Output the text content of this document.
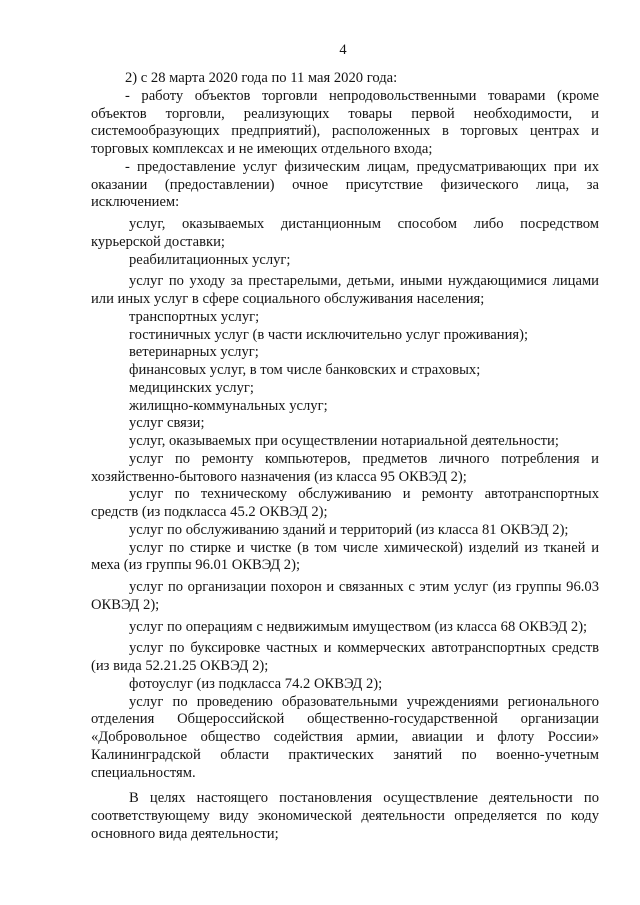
4

2) с 28 марта 2020 года по 11 мая 2020 года:

- работу объектов торговли непродовольственными товарами (кроме объектов торговли, реализующих товары первой необходимости, и системообразующих предприятий), расположенных в торговых центрах и торговых комплексах и не имеющих отдельного входа;

- предоставление услуг физическим лицам, предусматривающих при их оказании (предоставлении) очное присутствие физического лица, за исключением:

услуг, оказываемых дистанционным способом либо посредством курьерской доставки;

реабилитационных услуг;

услуг по уходу за престарелыми, детьми, иными нуждающимися лицами или иных услуг в сфере социального обслуживания населения;

транспортных услуг;

гостиничных услуг (в части исключительно услуг проживания);

ветеринарных услуг;

финансовых услуг, в том числе банковских и страховых;

медицинских услуг;

жилищно-коммунальных услуг;

услуг связи;

услуг, оказываемых при осуществлении нотариальной деятельности;

услуг по ремонту компьютеров, предметов личного потребления и хозяйственно-бытового назначения (из класса 95 ОКВЭД 2);

услуг по техническому обслуживанию и ремонту автотранспортных средств (из подкласса 45.2 ОКВЭД 2);

услуг по обслуживанию зданий и территорий (из класса 81 ОКВЭД 2);

услуг по стирке и чистке (в том числе химической) изделий из тканей и меха (из группы 96.01 ОКВЭД 2);

услуг по организации похорон и связанных с этим услуг (из группы 96.03 ОКВЭД 2);

услуг по операциям с недвижимым имуществом (из класса 68 ОКВЭД 2);

услуг по буксировке частных и коммерческих автотранспортных средств (из вида 52.21.25 ОКВЭД 2);

фотоуслуг (из подкласса 74.2 ОКВЭД 2);

услуг по проведению образовательными учреждениями регионального отделения Общероссийской общественно-государственной организации «Добровольное общество содействия армии, авиации и флоту России» Калининградской области практических занятий по военно-учетным специальностям.

В целях настоящего постановления осуществление деятельности по соответствующему виду экономической деятельности определяется по коду основного вида деятельности;
